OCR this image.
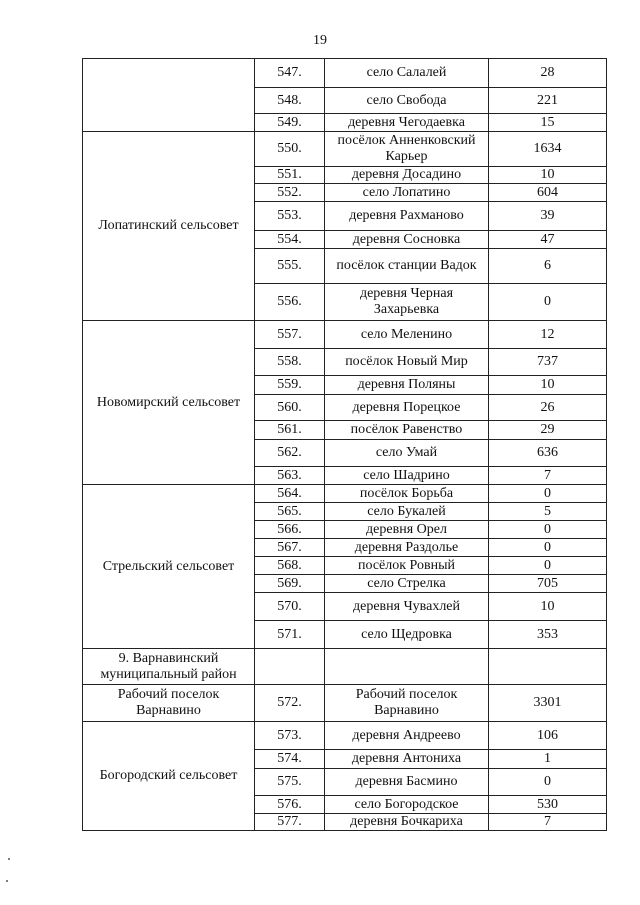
19
	547.	село Салалей	28
	548.	село Свобода	221
	549.	деревня Чегодаевка	15
Лопатинский сельсовет	550.	посёлок Анненковский Карьер	1634
	551.	деревня Досадино	10
	552.	село Лопатино	604
	553.	деревня Рахманово	39
	554.	деревня Сосновка	47
	555.	посёлок станции Вадок	6
	556.	деревня Черная Захарьевка	0
Новомирский сельсовет	557.	село Меленино	12
	558.	посёлок Новый Мир	737
	559.	деревня Поляны	10
	560.	деревня Порецкое	26
	561.	посёлок Равенство	29
	562.	село Умай	636
	563.	село Шадрино	7
Стрельский сельсовет	564.	посёлок Борьба	0
	565.	село Букалей	5
	566.	деревня Орел	0
	567.	деревня Раздолье	0
	568.	посёлок Ровный	0
	569.	село Стрелка	705
	570.	деревня Чувахлей	10
	571.	село Щедровка	353
9. Варнавинский муниципальный район			
Рабочий поселок Варнавино	572.	Рабочий поселок Варнавино	3301
Богородский сельсовет	573.	деревня Андреево	106
	574.	деревня Антониха	1
	575.	деревня Басмино	0
	576.	село Богородское	530
	577.	деревня Бочкариха	7
